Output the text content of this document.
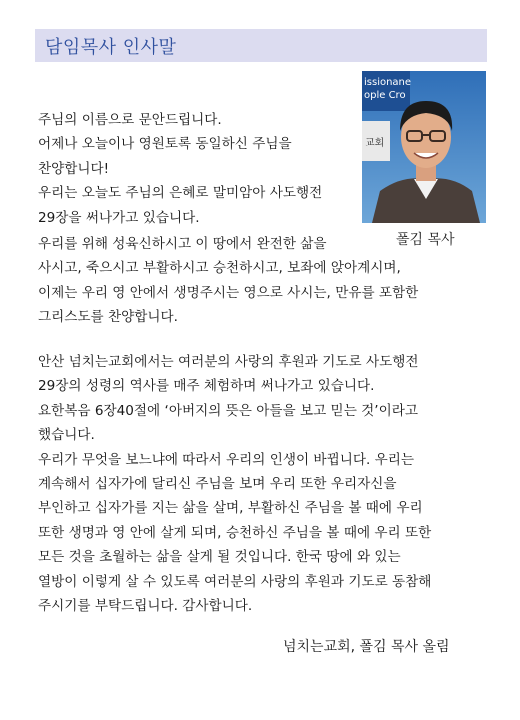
담임목사 인사말
issionane
ople Cro
교회
폴김 목사

주님의 이름으로 문안드립니다.
어제나 오늘이나 영원토록 동일하신 주님을
찬양합니다!
우리는 오늘도 주님의 은혜로 말미암아 사도행전
29장을 써나가고 있습니다.

우리를 위해 성육신하시고 이 땅에서 완전한 삶을
사시고, 죽으시고 부활하시고 승천하시고, 보좌에 앉아계시며,
이제는 우리 영 안에서 생명주시는 영으로 사시는, 만유를 포함한
그리스도를 찬양합니다.

안산 넘치는교회에서는 여러분의 사랑의 후원과 기도로 사도행전
29장의 성령의 역사를 매주 체험하며 써나가고 있습니다.
요한복음 6장40절에 ‘아버지의 뜻은 아들을 보고 믿는 것’이라고
했습니다.
우리가 무엇을 보느냐에 따라서 우리의 인생이 바뀝니다. 우리는
계속해서 십자가에 달리신 주님을 보며 우리 또한 우리자신을
부인하고 십자가를 지는 삶을 살며, 부활하신 주님을 볼 때에 우리
또한 생명과 영 안에 살게 되며, 승천하신 주님을 볼 때에 우리 또한
모든 것을 초월하는 삶을 살게 될 것입니다. 한국 땅에 와 있는
열방이 이렇게 살 수 있도록 여러분의 사랑의 후원과 기도로 동참해
주시기를 부탁드립니다. 감사합니다.

넘치는교회, 폴김 목사 올림
